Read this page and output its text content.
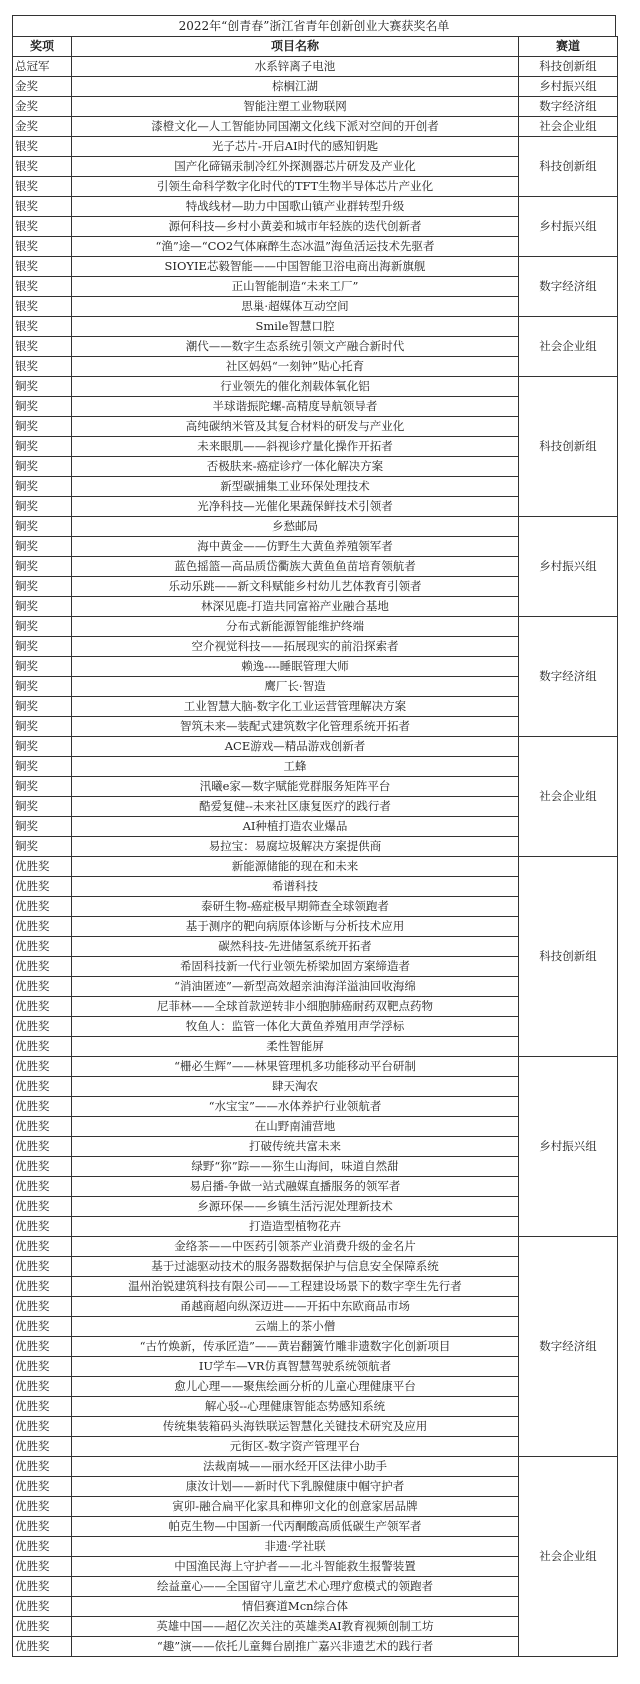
2022年“创青春”浙江省青年创新创业大赛获奖名单
奖项	项目名称	赛道
总冠军	水系锌离子电池	科技创新组
金奖	棕榈江湖	乡村振兴组
金奖	智能注塑工业物联网	数字经济组
金奖	漆橙文化—人工智能协同国潮文化线下派对空间的开创者	社会企业组
银奖	光子芯片-开启AI时代的感知钥匙	科技创新组
银奖	国产化碲镉汞制冷红外探测器芯片研发及产业化	
银奖	引领生命科学数字化时代的TFT生物半导体芯片产业化	
银奖	特战线材—助力中国歌山镇产业群转型升级	乡村振兴组
银奖	源何科技—乡村小黄姜和城市年轻族的迭代创新者	
银奖	“渔”途—“CO2气体麻醉生态冰温”海鱼活运技术先驱者	
银奖	SIOYIE芯毅智能——中国智能卫浴电商出海新旗舰	数字经济组
银奖	正山智能制造“未来工厂”	
银奖	思巢·超媒体互动空间	
银奖	Smile智慧口腔	社会企业组
银奖	潮代——数字生态系统引领文产融合新时代	
银奖	社区妈妈“一刻钟”贴心托育	
铜奖	行业领先的催化剂载体氧化铝	科技创新组
铜奖	半球谐振陀螺-高精度导航领导者	
铜奖	高纯碳纳米管及其复合材料的研发与产业化	
铜奖	未来眼肌——斜视诊疗量化操作开拓者	
铜奖	否极肤来-癌症诊疗一体化解决方案	
铜奖	新型碳捕集工业环保处理技术	
铜奖	光净科技—光催化果蔬保鲜技术引领者	
铜奖	乡愁邮局	乡村振兴组
铜奖	海中黄金——仿野生大黄鱼养殖领军者	
铜奖	蓝色摇篮—高品质岱衢族大黄鱼鱼苗培育领航者	
铜奖	乐动乐跳——新文科赋能乡村幼儿艺体教育引领者	
铜奖	林深见鹿-打造共同富裕产业融合基地	
铜奖	分布式新能源智能维护终端	数字经济组
铜奖	空介视觉科技——拓展现实的前沿探索者	
铜奖	赖逸----睡眠管理大师	
铜奖	鹰厂长·智造	
铜奖	工业智慧大脑-数字化工业运营管理解决方案	
铜奖	智筑未来—装配式建筑数字化管理系统开拓者	
铜奖	ACE游戏—精品游戏创新者	社会企业组
铜奖	工蜂	
铜奖	汛曦e家—数字赋能党群服务矩阵平台	
铜奖	酷爱复健--未来社区康复医疗的践行者	
铜奖	AI种植打造农业爆品	
铜奖	易拉宝：易腐垃圾解决方案提供商	
优胜奖	新能源储能的现在和未来	科技创新组
优胜奖	希谱科技	
优胜奖	泰研生物-癌症极早期筛查全球领跑者	
优胜奖	基于测序的靶向病原体诊断与分析技术应用	
优胜奖	碳然科技-先进储氢系统开拓者	
优胜奖	希固科技新一代行业领先桥梁加固方案缔造者	
优胜奖	“消油匿迹”—新型高效超亲油海洋溢油回收海绵	
优胜奖	尼菲林——全球首款逆转非小细胞肺癌耐药双靶点药物	
优胜奖	牧鱼人：监管一体化大黄鱼养殖用声学浮标	
优胜奖	柔性智能屏	
优胜奖	“栅必生辉”——林果管理机多功能移动平台研制	乡村振兴组
优胜奖	肆天淘农	
优胜奖	“水宝宝”——水体养护行业领航者	
优胜奖	在山野南浦营地	
优胜奖	打破传统共富未来	
优胜奖	绿野“狝”踪——狝生山海间，味道自然甜	
优胜奖	易启播-争做一站式融媒直播服务的领军者	
优胜奖	乡源环保——乡镇生活污泥处理新技术	
优胜奖	打造造型植物花卉	
优胜奖	金络茶——中医药引领茶产业消费升级的金名片	数字经济组
优胜奖	基于过滤驱动技术的服务器数据保护与信息安全保障系统	
优胜奖	温州治锐建筑科技有限公司——工程建设场景下的数字孪生先行者	
优胜奖	甬越商超向纵深迈进——开拓中东欧商品市场	
优胜奖	云端上的茶小僧	
优胜奖	“古竹焕新，传承匠造”——黄岩翻簧竹雕非遗数字化创新项目	
优胜奖	IU学车—VR仿真智慧驾驶系统领航者	
优胜奖	愈儿心理——聚焦绘画分析的儿童心理健康平台	
优胜奖	解心驳--心理健康智能态势感知系统	
优胜奖	传统集装箱码头海铁联运智慧化关键技术研究及应用	
优胜奖	元街区-数字资产管理平台	
优胜奖	法裁南城——丽水经开区法律小助手	社会企业组
优胜奖	康汝计划——新时代下乳腺健康中帼守护者	
优胜奖	寅卯-融合扁平化家具和榫卯文化的创意家居品牌	
优胜奖	帕克生物—中国新一代丙酮酸高质低碳生产领军者	
优胜奖	非遗·学社联	
优胜奖	中国渔民海上守护者——北斗智能救生报警装置	
优胜奖	绘益童心——全国留守儿童艺术心理疗愈模式的领跑者	
优胜奖	情侣赛道Mcn综合体	
优胜奖	英雄中国——超亿次关注的英雄类AI教育视频创制工坊	
优胜奖	“趣”演——依托儿童舞台剧推广嘉兴非遗艺术的践行者	
